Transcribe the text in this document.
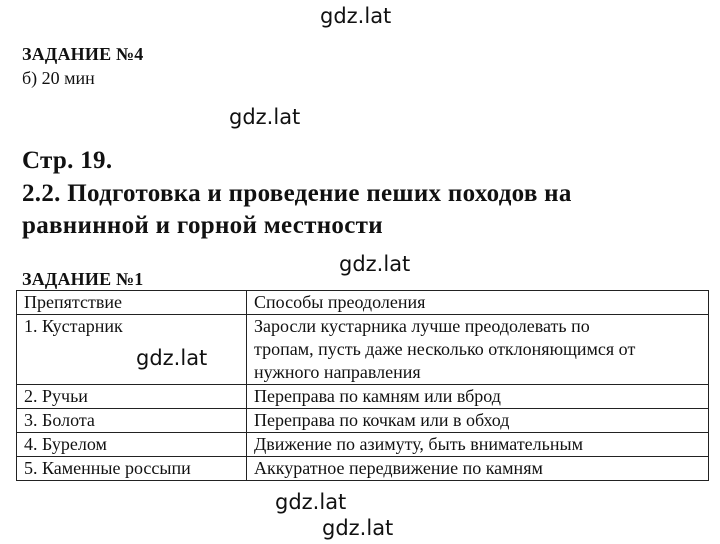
gdz.lat
ЗАДАНИЕ №4
б) 20 мин
gdz.lat
Стр. 19.
2.2. Подготовка и проведение пеших походов на
равнинной и горной местности
gdz.lat
ЗАДАНИЕ №1
Препятствие	Способы преодоления
1. Кустарник	Заросли кустарника лучше преодолевать по
тропам, пусть даже несколько отклоняющимся от
нужного направления

2. Ручьи	Переправа по камням или вброд
3. Болота	Переправа по кочкам или в обход
4. Бурелом	Движение по азимуту, быть внимательным
5. Каменные россыпи	Аккуратное передвижение по камням
gdz.lat
gdz.lat
gdz.lat
